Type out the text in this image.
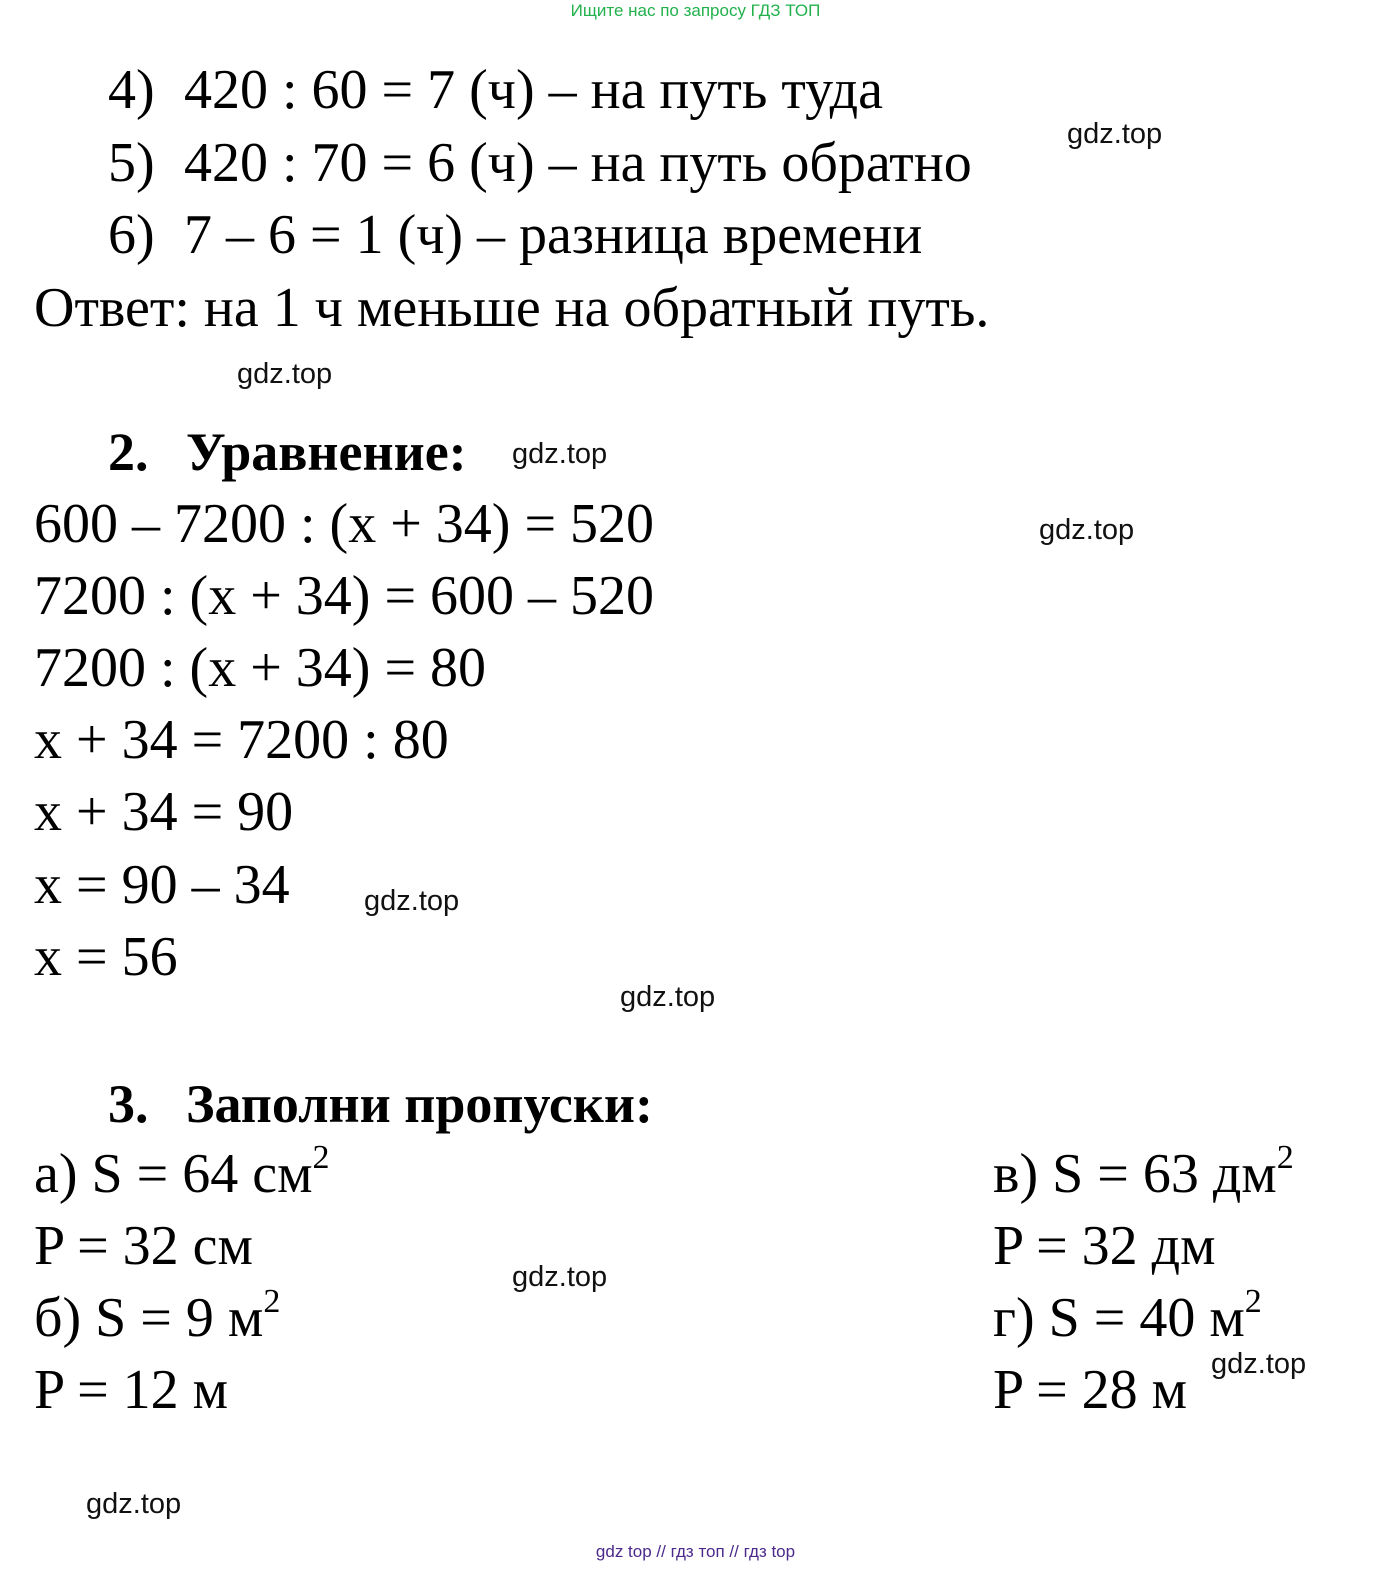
Ищите нас по запросу ГДЗ ТОП
4) 420 : 60 = 7 (ч) – на путь туда
5) 420 : 70 = 6 (ч) – на путь обратно
6) 7 – 6 = 1 (ч) – разница времени
Ответ: на 1 ч меньше на обратный путь.
2. Уравнение:
600 – 7200 : (x + 34) = 520
7200 : (x + 34) = 600 – 520
7200 : (x + 34) = 80
x + 34 = 7200 : 80
x + 34 = 90
x = 90 – 34
x = 56
3. Заполни пропуски:
а) S = 64 $см^2$
P = 32 см
б) S = 9 $м^2$
P = 12 м
в) S = 63 $дм^2$
P = 32 дм
г) S = 40 $м^2$
P = 28 м
gdz.top
gdz.top
gdz.top
gdz.top
gdz.top
gdz.top
gdz.top
gdz.top
gdz.top
gdz top // гдз топ // гдз top
